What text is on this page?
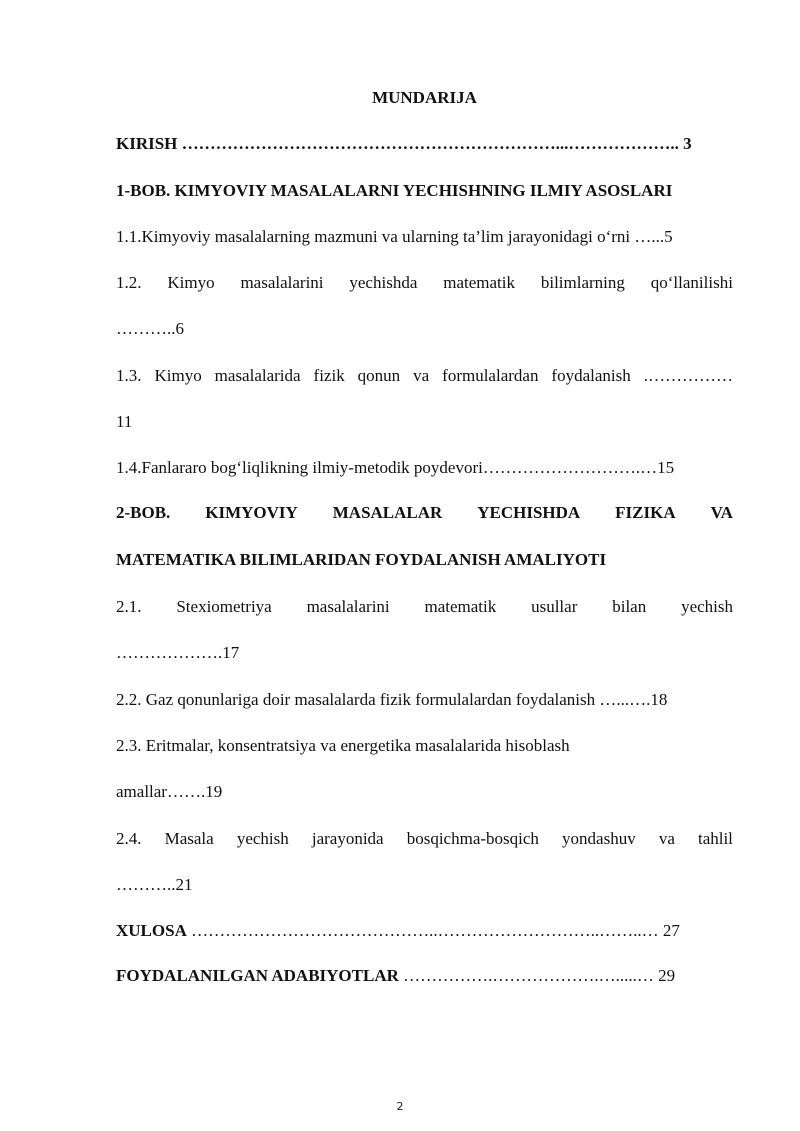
MUNDARIJA
KIRISH …………………………………………………………...……………….. 3
1-BOB. KIMYOVIY MASALALARNI YECHISHNING ILMIY ASOSLARI
1.1.Kimyoviy masalalarning mazmuni va ularning ta’lim jarayonidagi o‘rni …...5
1.2. Kimyo masalalarini yechishda matematik bilimlarning qo‘llanilishi
………..6
1.3. Kimyo masalalarida fizik qonun va formulalardan foydalanish .……………
11
1.4.Fanlararo bog‘liqlikning ilmiy-metodik poydevori……………………….…15
2-BOB. KIMYOVIY MASALALAR YECHISHDA FIZIKA VA
MATEMATIKA BILIMLARIDAN FOYDALANISH AMALIYOTI
2.1. Stexiometriya masalalarini matematik usullar bilan yechish
……………….17
2.2. Gaz qonunlariga doir masalalarda fizik formulalardan foydalanish …...….18
2.3. Eritmalar, konsentratsiya va energetika masalalarida hisoblash
amallar…….19
2.4. Masala yechish jarayonida bosqichma-bosqich yondashuv va tahlil
………..21
XULOSA ……………………………………..………………………..……..… 27
FOYDALANILGAN ADABIYOTLAR …………….……………….….....… 29
2
